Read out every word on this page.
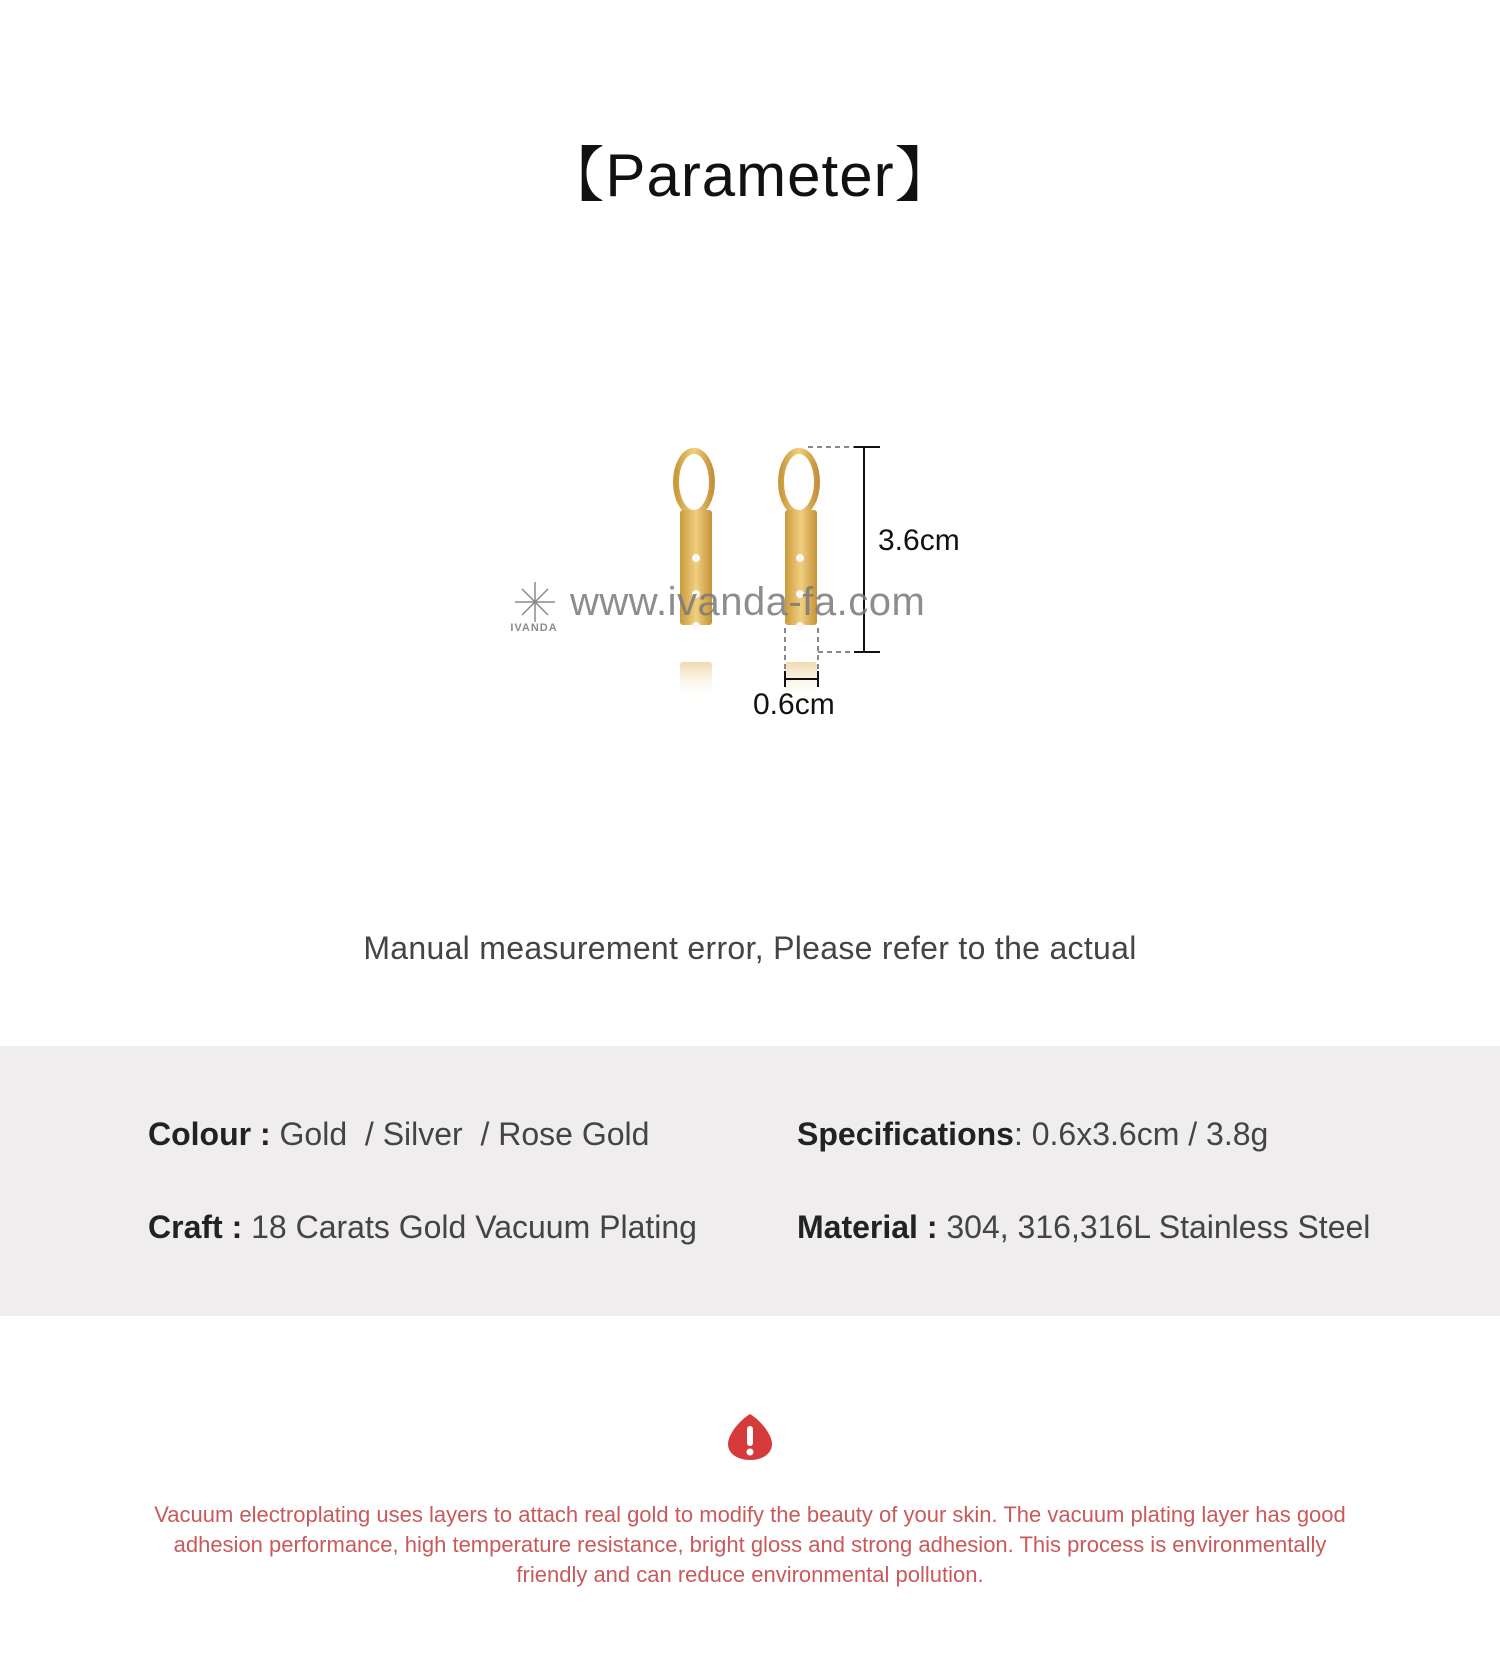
【Parameter】
3.6cm
0.6cm
www.ivanda-fa.com
IVANDA
Manual measurement error, Please refer to the actual
Colour : Gold  / Silver  / Rose Gold	Specifications: 0.6x3.6cm / 3.8g
Craft : 18 Carats Gold Vacuum Plating	Material : 304, 316,316L Stainless Steel
Vacuum electroplating uses layers to attach real gold to modify the beauty of your skin. The vacuum plating layer has good adhesion performance, high temperature resistance, bright gloss and strong adhesion. This process is environmentally friendly and can reduce environmental pollution.
